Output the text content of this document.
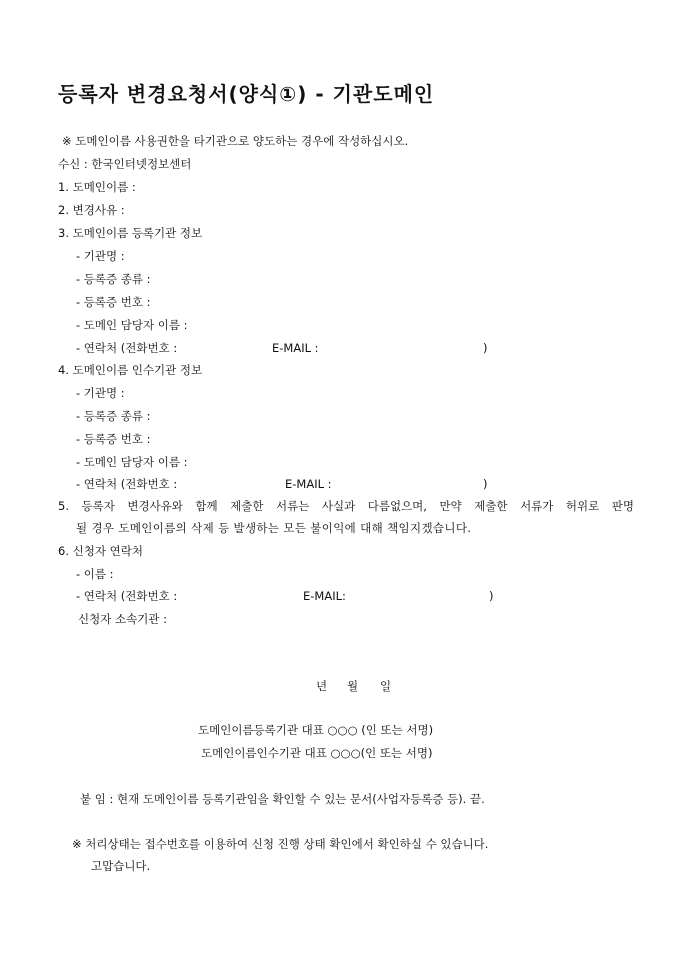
등록자 변경요청서(양식①) - 기관도메인
※ 도메인이름 사용권한을 타기관으로 양도하는 경우에 작성하십시오.
수신 : 한국인터넷정보센터
1. 도메인이름 :
2. 변경사유 :
3. 도메인이름 등록기관 정보
- 기관명 :
- 등록증 종류 :
- 등록증 번호 :
- 도메인 담당자 이름 :
- 연락처 (전화번호 :	E-MAIL :	)
4. 도메인이름 인수기관 정보
- 기관명 :
- 등록증 종류 :
- 등록증 번호 :
- 도메인 담당자 이름 :
- 연락처 (전화번호 :	E-MAIL :	)
5. 등록자 변경사유와 함께 제출한 서류는 사실과 다름없으며, 만약 제출한 서류가 허위로 판명
될 경우 도메인이름의 삭제 등 발생하는 모든 불이익에 대해 책임지겠습니다.
6. 신청자 연락처
- 이름 :
- 연락처 (전화번호 :	E-MAIL:	)
신청자 소속기관 :
년 월 일
도메인이름등록기관 대표 ○○○ (인 또는 서명)
도메인이름인수기관 대표 ○○○(인 또는 서명)
붙 임 : 현재 도메인이름 등록기관임을 확인할 수 있는 문서(사업자등록증 등). 끝.
※ 처리상태는 접수번호를 이용하여 신청 진행 상태 확인에서 확인하실 수 있습니다.
고맙습니다.
